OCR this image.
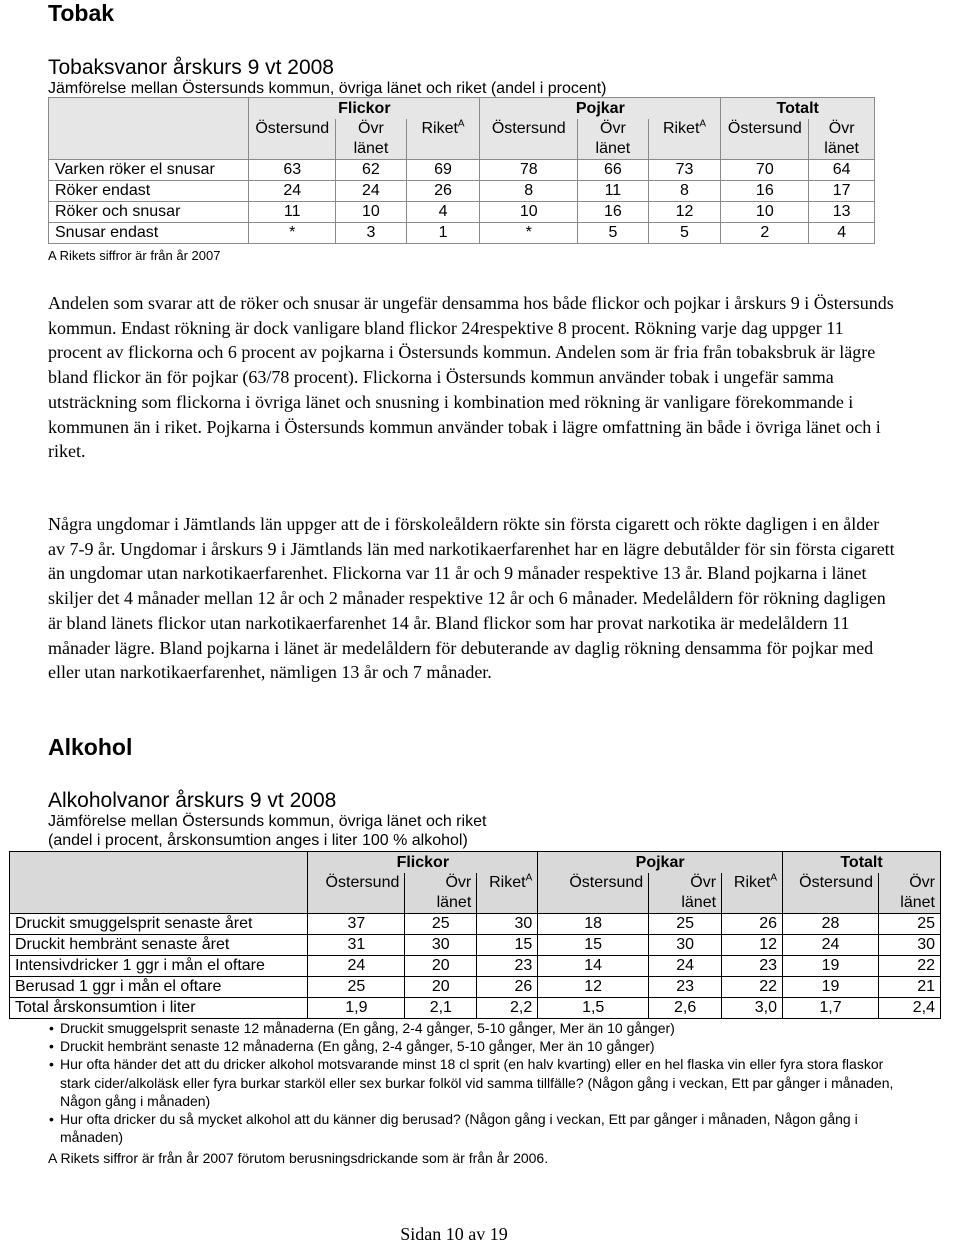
Tobak
Tobaksvanor årskurs 9 vt 2008
Jämförelse mellan Östersunds kommun, övriga länet och riket (andel i procent)
	Flickor			Pojkar			Totalt	
	Östersund	Övr	Riket$^A$	Östersund	Övr	Riket$^A$	Östersund	Övr
		länet			länet			länet
Varken röker el snusar	63	62	69	78	66	73	70	64
Röker endast	24	24	26	8	11	8	16	17
Röker och snusar	11	10	4	10	16	12	10	13
Snusar endast	*	3	1	*	5	5	2	4
A Rikets siffror är från år 2007
Andelen som svarar att de röker och snusar är ungefär densamma hos både flickor och pojkar i årskurs 9 i Östersunds kommun. Endast rökning är dock vanligare bland flickor 24respektive 8 procent. Rökning varje dag uppger 11 procent av flickorna och 6 procent av pojkarna i Östersunds kommun. Andelen som är fria från tobaksbruk är lägre bland flickor än för pojkar (63/78 procent). Flickorna i Östersunds kommun använder tobak i ungefär samma utsträckning som flickorna i övriga länet och snusning i kombination med rökning är vanligare förekommande i kommunen än i riket. Pojkarna i Östersunds kommun använder tobak i lägre omfattning än både i övriga länet och i riket.
Några ungdomar i Jämtlands län uppger att de i förskoleåldern rökte sin första cigarett och rökte dagligen i en ålder av 7-9 år. Ungdomar i årskurs 9 i Jämtlands län med narkotikaerfarenhet har en lägre debutålder för sin första cigarett än ungdomar utan narkotikaerfarenhet. Flickorna var 11 år och 9 månader respektive 13 år. Bland pojkarna i länet skiljer det 4 månader mellan 12 år och 2 månader respektive 12 år och 6 månader. Medelåldern för rökning dagligen är bland länets flickor utan narkotikaerfarenhet 14 år. Bland flickor som har provat narkotika är medelåldern 11 månader lägre. Bland pojkarna i länet är medelåldern för debuterande av daglig rökning densamma för pojkar med eller utan narkotikaerfarenhet, nämligen 13 år och 7 månader.
Alkohol
Alkoholvanor årskurs 9 vt 2008
Jämförelse mellan Östersunds kommun, övriga länet och riket
(andel i procent, årskonsumtion anges i liter 100 % alkohol)
	Flickor			Pojkar			Totalt	
	Östersund	Övr	Riket$^A$	Östersund	Övr	Riket$^A$	Östersund	Övr
		länet			länet			länet
Druckit smuggelsprit senaste året	37	25	30	18	25	26	28	25
Druckit hembränt senaste året	31	30	15	15	30	12	24	30
Intensivdricker 1 ggr i mån el oftare	24	20	23	14	24	23	19	22
Berusad 1 ggr i mån el oftare	25	20	26	12	23	22	19	21
Total årskonsumtion i liter	1,9	2,1	2,2	1,5	2,6	3,0	1,7	2,4
• Druckit smuggelsprit senaste 12 månaderna (En gång, 2-4 gånger, 5-10 gånger, Mer än 10 gånger)
• Druckit hembränt senaste 12 månaderna (En gång, 2-4 gånger, 5-10 gånger, Mer än 10 gånger)
• Hur ofta händer det att du dricker alkohol motsvarande minst 18 cl sprit (en halv kvarting) eller en hel flaska vin eller fyra stora flaskor stark cider/alkoläsk eller fyra burkar starköl eller sex burkar folköl vid samma tillfälle? (Någon gång i veckan, Ett par gånger i månaden, Någon gång i månaden)
• Hur ofta dricker du så mycket alkohol att du känner dig berusad? (Någon gång i veckan, Ett par gånger i månaden, Någon gång i månaden)
A Rikets siffror är från år 2007 förutom berusningsdrickande som är från år 2006.
Sidan 10 av 19
